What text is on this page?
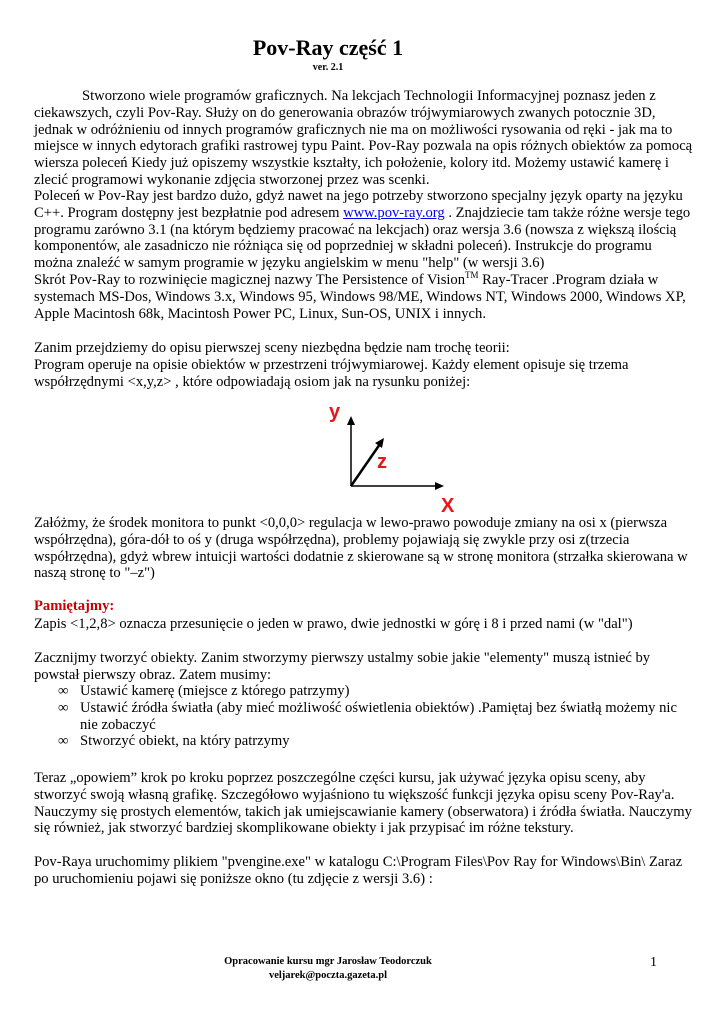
Pov-Ray część 1
ver. 2.1

Stworzono wiele programów graficznych. Na lekcjach Technologii Informacyjnej poznasz jeden z ciekawszych, czyli Pov-Ray. Służy on do generowania obrazów trójwymiarowych zwanych potocznie 3D, jednak w odróżnieniu od innych programów graficznych nie ma on możliwości rysowania od ręki - jak ma to miejsce w innych edytorach grafiki rastrowej typu Paint. Pov-Ray pozwala na opis różnych obiektów za pomocą wiersza poleceń Kiedy już opiszemy wszystkie kształty, ich położenie, kolory itd. Możemy ustawić kamerę i zlecić programowi wykonanie zdjęcia stworzonej przez was scenki.

Poleceń w Pov-Ray jest bardzo dużo, gdyż nawet na jego potrzeby stworzono specjalny język oparty na języku C++. Program dostępny jest bezpłatnie pod adresem www.pov-ray.org . Znajdziecie tam także różne wersje tego programu zarówno 3.1 (na którym będziemy pracować na lekcjach) oraz wersja 3.6 (nowsza z większą ilością komponentów, ale zasadniczo nie różniąca się od poprzedniej w składni poleceń). Instrukcje do programu można znaleźć w samym programie w języku angielskim w menu "help" (w wersji 3.6)

Skrót Pov-Ray to rozwinięcie magicznej nazwy The Persistence of Vision™ Ray-Tracer .Program działa w systemach MS-Dos, Windows 3.x, Windows 95, Windows 98/ME, Windows NT, Windows 2000, Windows XP, Apple Macintosh 68k, Macintosh Power PC, Linux, Sun-OS, UNIX i innych.

Zanim przejdziemy do opisu pierwszej sceny niezbędna będzie nam trochę teorii:

Program operuje na opisie obiektów w przestrzeni trójwymiarowej. Każdy element opisuje się trzema współrzędnymi <x,y,z> , które odpowiadają osiom jak na rysunku poniżej:

y
z
X

Załóżmy, że środek monitora to punkt <0,0,0> regulacja w lewo-prawo powoduje zmiany na osi x (pierwsza współrzędna), góra-dół to oś y (druga współrzędna), problemy pojawiają się zwykle przy osi z(trzecia współrzędna), gdyż wbrew intuicji wartości dodatnie z skierowane są w stronę monitora (strzałka skierowana w naszą stronę to "–z")

Pamiętajmy:

Zapis <1,2,8> oznacza przesunięcie o jeden w prawo, dwie jednostki w górę i 8 i przed nami (w "dal")

Zacznijmy tworzyć obiekty. Zanim stworzymy pierwszy ustalmy sobie jakie "elementy" muszą istnieć by powstał pierwszy obraz. Zatem musimy:

∞ Ustawić kamerę (miejsce z którego patrzymy)
∞ Ustawić źródła światła (aby mieć możliwość oświetlenia obiektów) .Pamiętaj bez światłą możemy nic nie zobaczyć
∞ Stworzyć obiekt, na który patrzymy

Teraz „opowiem” krok po kroku poprzez poszczególne części kursu, jak używać języka opisu sceny, aby stworzyć swoją własną grafikę. Szczegółowo wyjaśniono tu większość funkcji języka opisu sceny Pov-Ray'a. Nauczymy się prostych elementów, takich jak umiejscawianie kamery (obserwatora) i źródła światła. Nauczymy się również, jak stworzyć bardziej skomplikowane obiekty i jak przypisać im różne tekstury.

Pov-Raya uruchomimy plikiem "pvengine.exe" w katalogu C:\Program Files\Pov Ray for Windows\Bin\ Zaraz po uruchomieniu pojawi się poniższe okno (tu zdjęcie z wersji 3.6) :

Opracowanie kursu mgr Jarosław Teodorczuk
veljarek@poczta.gazeta.pl
1
